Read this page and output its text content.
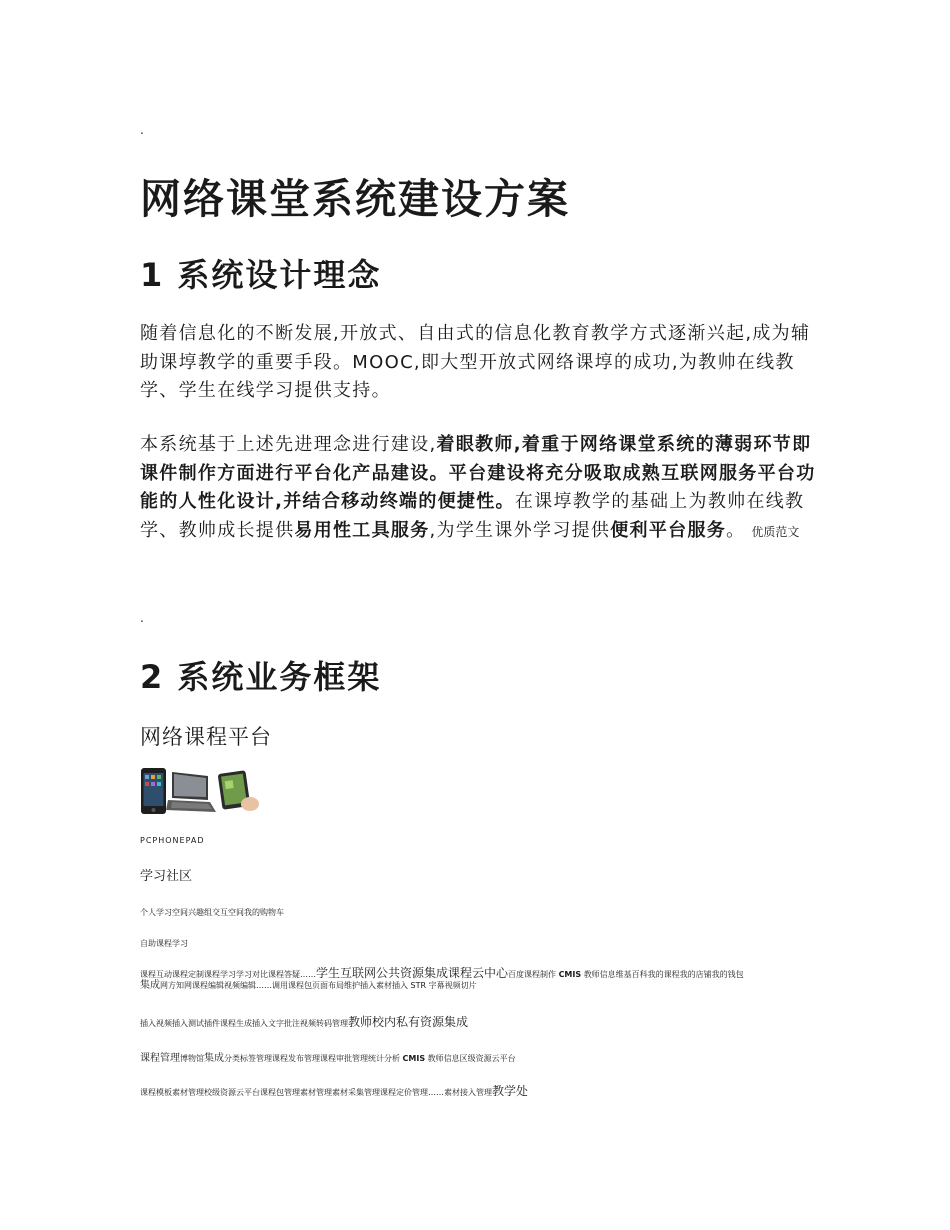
.
网络课堂系统建设方案
1 系统设计理念

随着信息化的不断发展,开放式、自由式的信息化教育教学方式逐渐兴起,成为辅助课埻教学的重要手段。MOOC,即大型开放式网络课埻的成功,为教帅在线教学、学生在线学习提供支持。

本系统基于上述先进理念进行建设,着眼教师,着重于网络课堂系统的薄弱环节即课件制作方面进行平台化产品建设。平台建设将充分吸取成熟互联网服务平台功能的人性化设计,并结合移动终端的便捷性。在课埻教学的基础上为教帅在线教学、教帅成长提供易用性工具服务,为学生课外学习提供便利平台服务。 优质范文

.
2 系统业务框架

网络课程平台

PCPHONEPAD

学习社区

个人学习空间兴趣组交互空间我的购物车

自助课程学习

课程互动课程定制课程学习学习对比课程答疑……学生互联网公共资源集成课程云中心百度课程制作 CMIS 教师信息维基百科我的课程我的店铺我的钱包
集成网方知网课程编辑视频编辑……调用课程包页面布局维护插入素材插入 STR 字幕视频切片

插入视频插入测试插件课程生成插入文字批注视频转码管理教师校内私有资源集成

课程管理博物馆集成分类标签管理课程发布管理课程审批管理统计分析 CMIS 教师信息区级资源云平台

课程模板素材管理校级资源云平台课程包管理素材管理素材采集管理课程定价管理……素材接入管理教学处
